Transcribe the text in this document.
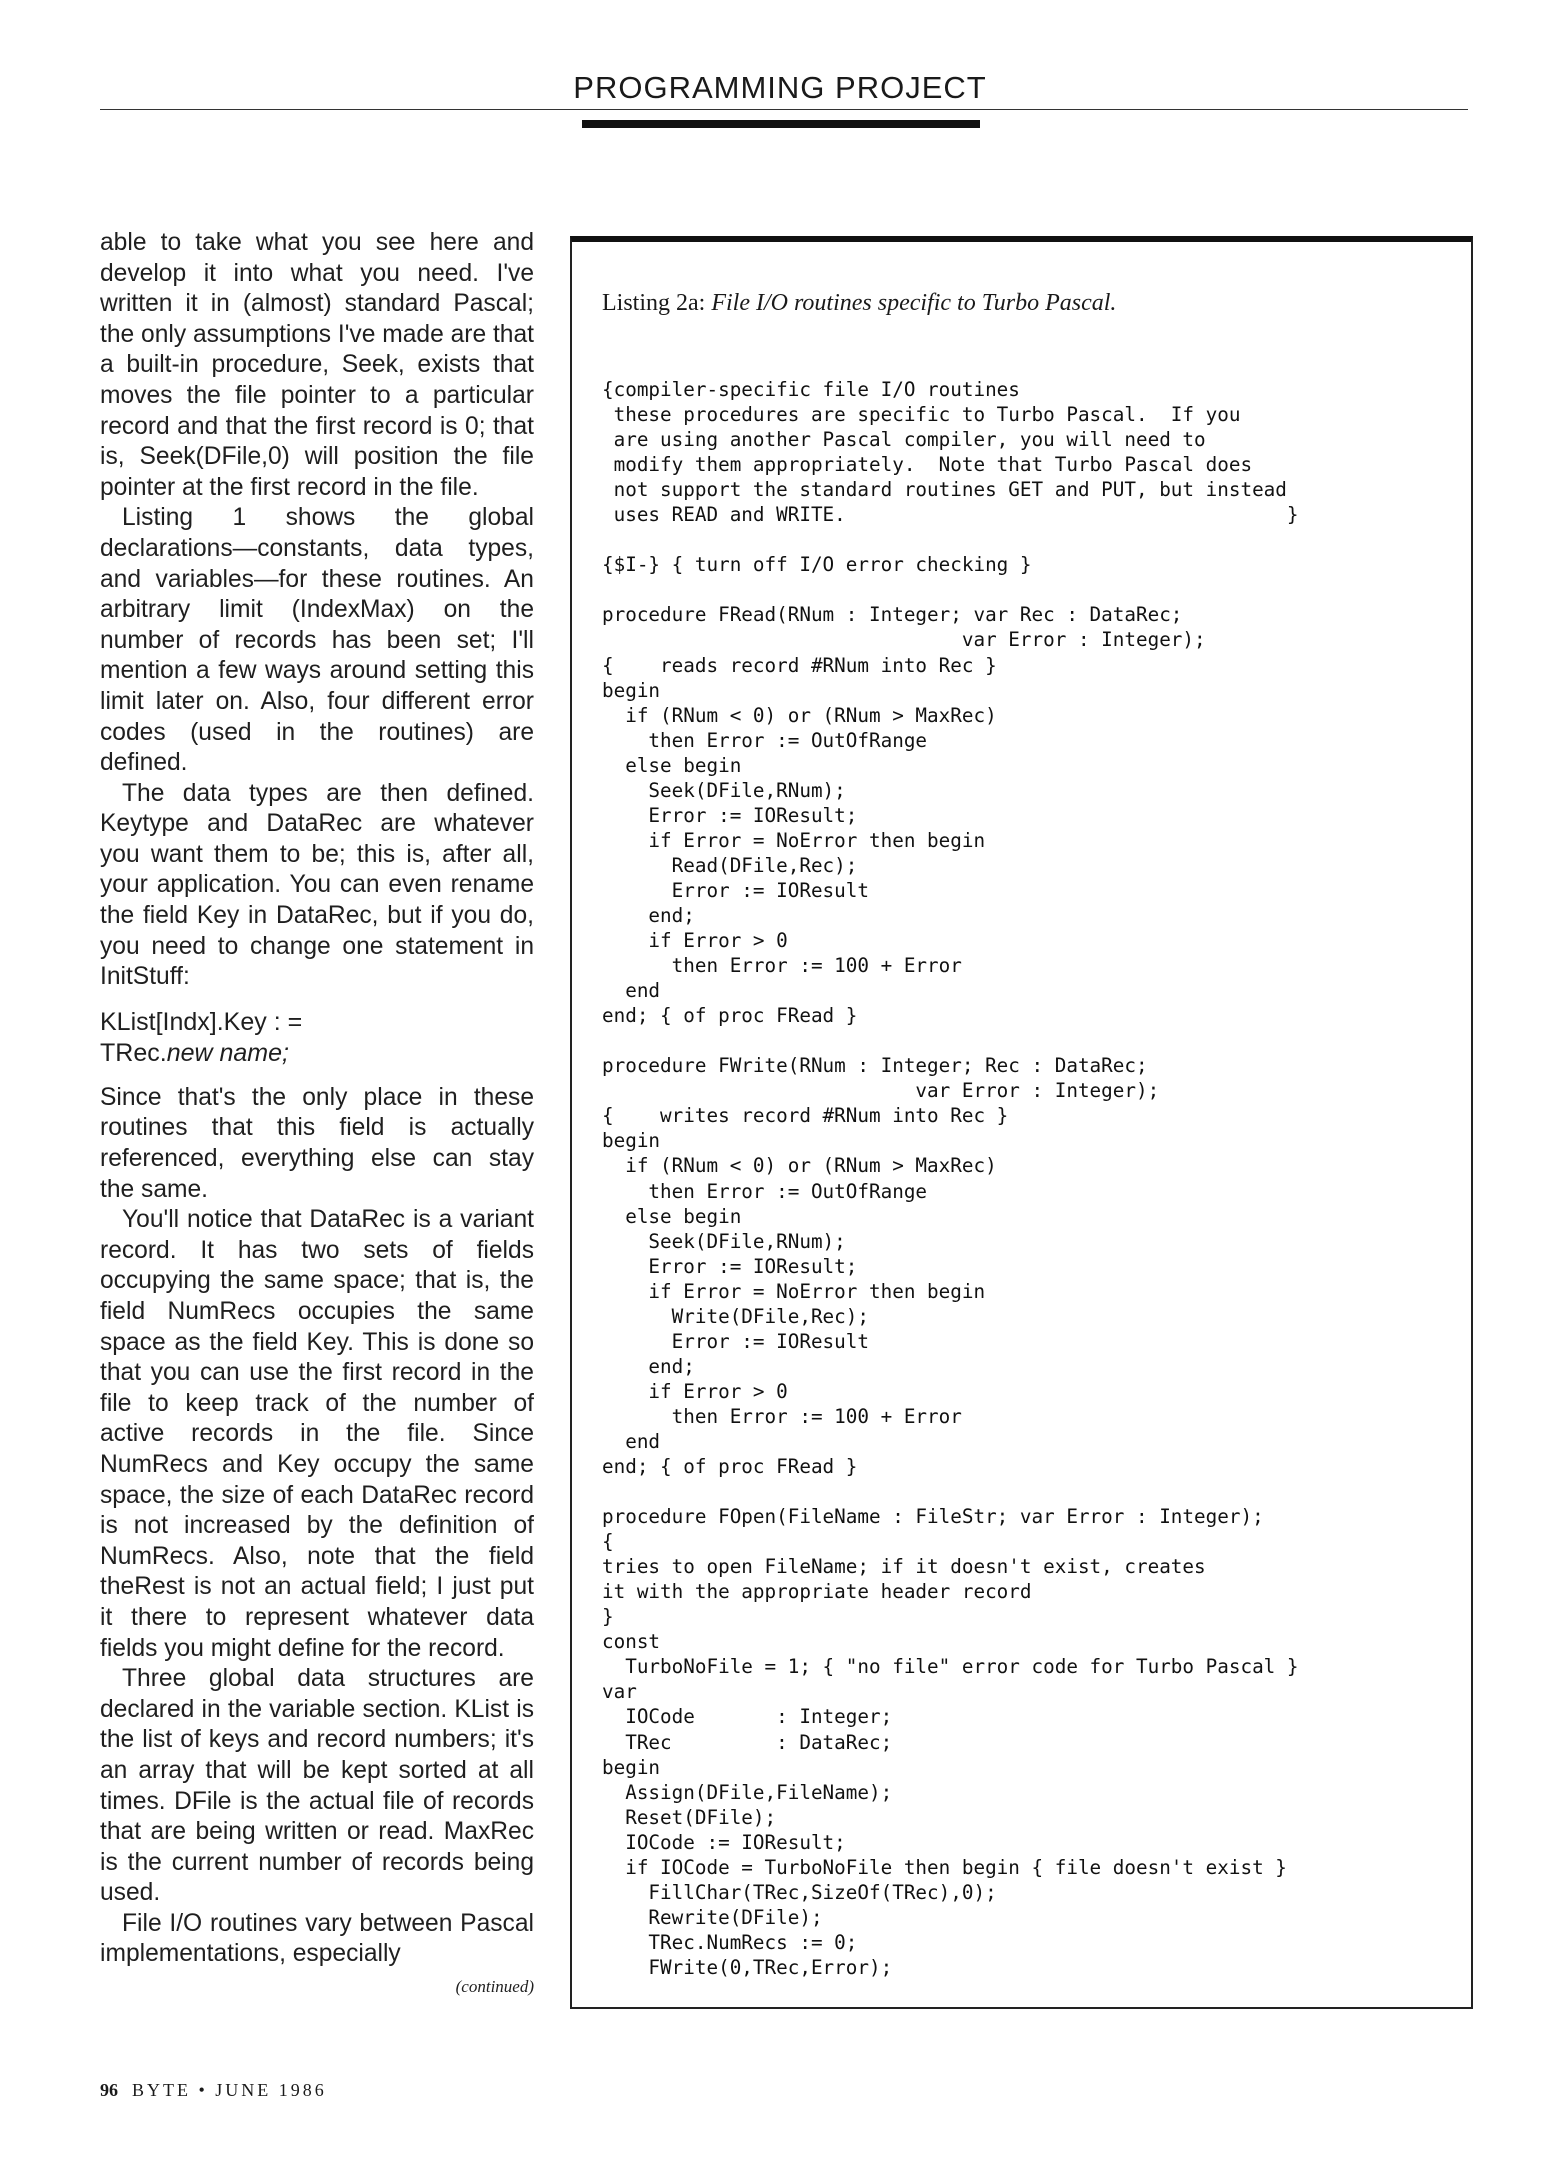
PROGRAMMING PROJECT

able to take what you see here and develop it into what you need. I've written it in (almost) standard Pascal; the only assumptions I've made are that a built-in procedure, Seek, exists that moves the file pointer to a particular record and that the first record is 0; that is, Seek(DFile,0) will position the file pointer at the first record in the file.

Listing 1 shows the global declarations—constants, data types, and variables—for these routines. An arbitrary limit (IndexMax) on the number of records has been set; I'll mention a few ways around setting this limit later on. Also, four different error codes (used in the routines) are defined.

The data types are then defined. Keytype and DataRec are whatever you want them to be; this is, after all, your application. You can even rename the field Key in DataRec, but if you do, you need to change one statement in InitStuff:

KList[Indx].Key : =
TRec.new name;

Since that's the only place in these routines that this field is actually referenced, everything else can stay the same.

You'll notice that DataRec is a variant record. It has two sets of fields occupying the same space; that is, the field NumRecs occupies the same space as the field Key. This is done so that you can use the first record in the file to keep track of the number of active records in the file. Since NumRecs and Key occupy the same space, the size of each DataRec record is not increased by the definition of NumRecs. Also, note that the field theRest is not an actual field; I just put it there to represent whatever data fields you might define for the record.

Three global data structures are declared in the variable section. KList is the list of keys and record numbers; it's an array that will be kept sorted at all times. DFile is the actual file of records that are being written or read. MaxRec is the current number of records being used.

File I/O routines vary between Pascal implementations, especially

(continued)
Listing 2a: File I/O routines specific to Turbo Pascal.
{compiler-specific file I/O routines
these procedures are specific to Turbo Pascal.  If you
are using another Pascal compiler, you will need to
modify them appropriately.  Note that Turbo Pascal does
not support the standard routines GET and PUT, but instead
uses READ and WRITE.                                      }
{$I-} { turn off I/O error checking }
procedure FRead(RNum : Integer; var Rec : DataRec;
var Error : Integer);
{    reads record #RNum into Rec }
begin
if (RNum < 0) or (RNum > MaxRec)
then Error := OutOfRange
else begin
Seek(DFile,RNum);
Error := IOResult;
if Error = NoError then begin
Read(DFile,Rec);
Error := IOResult
end;
if Error > 0
then Error := 100 + Error
end
end; { of proc FRead }
procedure FWrite(RNum : Integer; Rec : DataRec;
var Error : Integer);
{    writes record #RNum into Rec }
begin
if (RNum < 0) or (RNum > MaxRec)
then Error := OutOfRange
else begin
Seek(DFile,RNum);
Error := IOResult;
if Error = NoError then begin
Write(DFile,Rec);
Error := IOResult
end;
if Error > 0
then Error := 100 + Error
end
end; { of proc FRead }
procedure FOpen(FileName : FileStr; var Error : Integer);
{
tries to open FileName; if it doesn't exist, creates
it with the appropriate header record
}
const
TurboNoFile = 1; { "no file" error code for Turbo Pascal }
var
IOCode       : Integer;
TRec         : DataRec;
begin
Assign(DFile,FileName);
Reset(DFile);
IOCode := IOResult;
if IOCode = TurboNoFile then begin { file doesn't exist }
FillChar(TRec,SizeOf(TRec),0);
Rewrite(DFile);
TRec.NumRecs := 0;
FWrite(0,TRec,Error);
96 BYTE • JUNE 1986
